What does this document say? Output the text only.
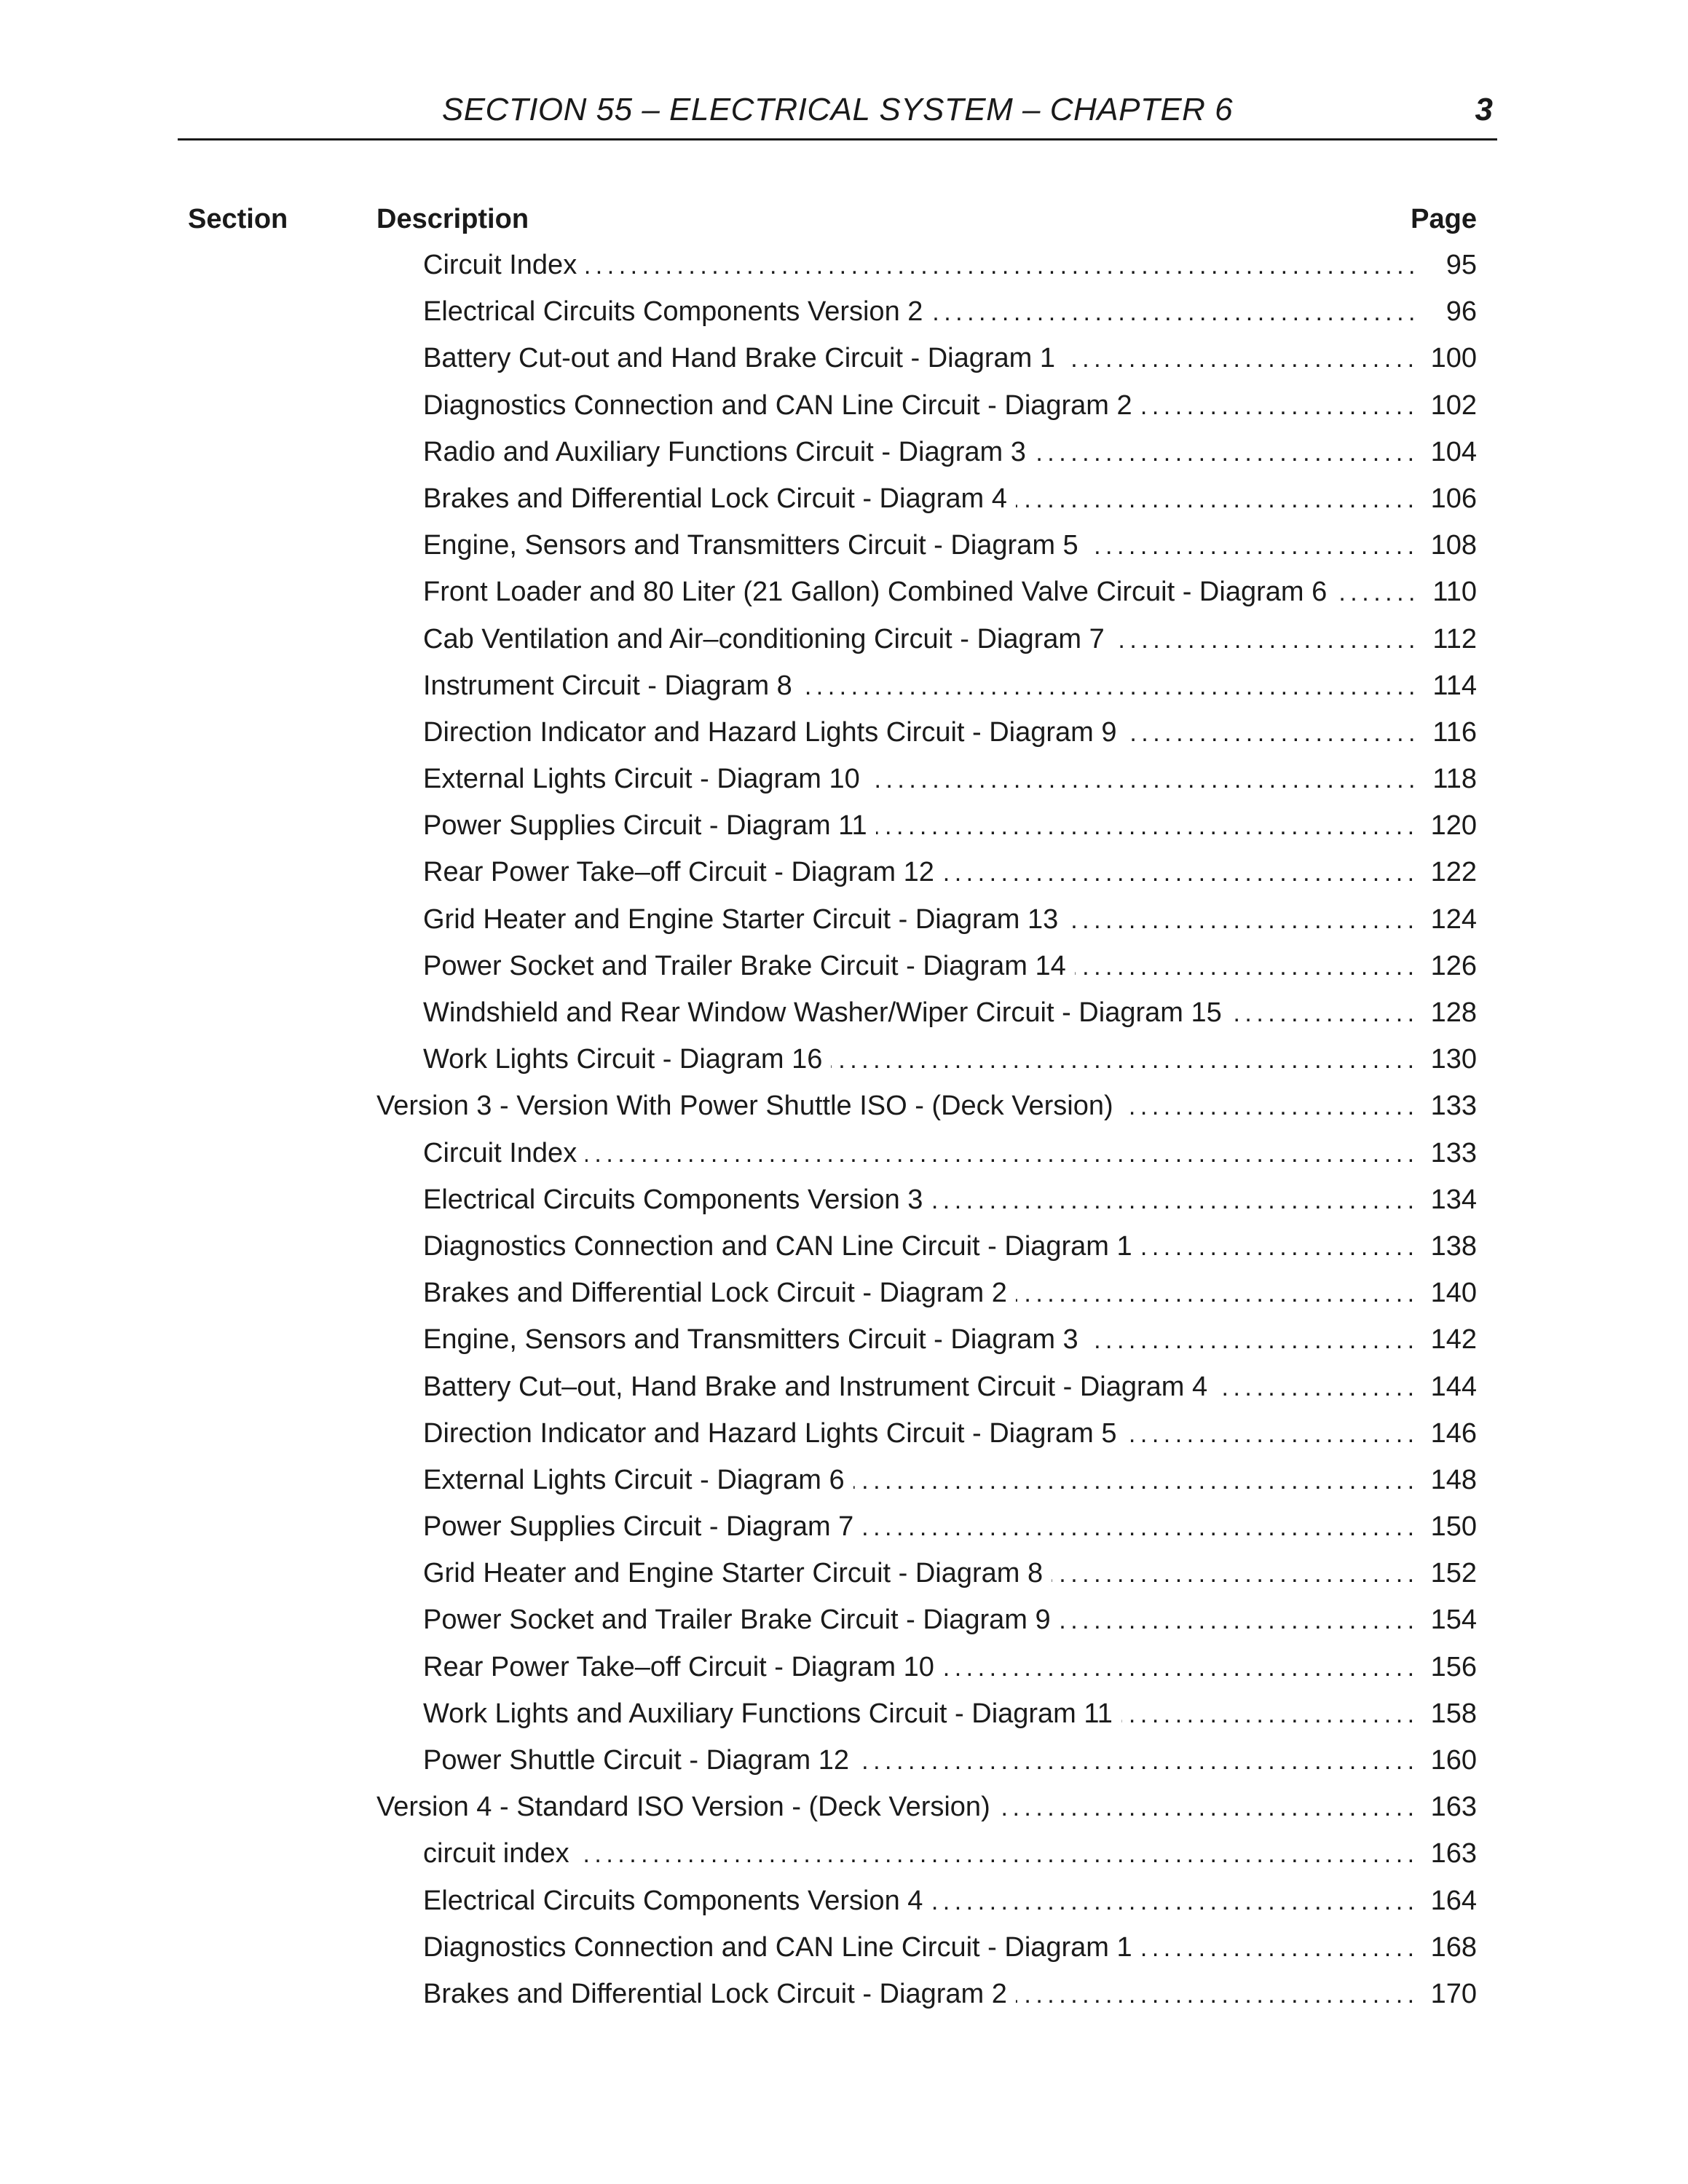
SECTION 55 – ELECTRICAL SYSTEM – CHAPTER 6	3
Section	Description	Page
Circuit Index .....	95
Electrical Circuits Components Version 2 .....	96
Battery Cut-out and Hand Brake Circuit - Diagram 1 .....	100
Diagnostics Connection and CAN Line Circuit - Diagram 2 .....	102
Radio and Auxiliary Functions Circuit - Diagram 3 .....	104
Brakes and Differential Lock Circuit - Diagram 4 .....	106
Engine, Sensors and Transmitters Circuit - Diagram 5 .....	108
Front Loader and 80 Liter (21 Gallon) Combined Valve Circuit - Diagram 6 .....	110
Cab Ventilation and Air–conditioning Circuit - Diagram 7 .....	112
Instrument Circuit - Diagram 8 .....	114
Direction Indicator and Hazard Lights Circuit - Diagram 9 .....	116
External Lights Circuit - Diagram 10 .....	118
Power Supplies Circuit - Diagram 11 .....	120
Rear Power Take–off Circuit - Diagram 12 .....	122
Grid Heater and Engine Starter Circuit - Diagram 13 .....	124
Power Socket and Trailer Brake Circuit - Diagram 14 .....	126
Windshield and Rear Window Washer/Wiper Circuit - Diagram 15 .....	128
Work Lights Circuit - Diagram 16 .....	130
Version 3 - Version With Power Shuttle ISO - (Deck Version) .....	133
Circuit Index .....	133
Electrical Circuits Components Version 3 .....	134
Diagnostics Connection and CAN Line Circuit - Diagram 1 .....	138
Brakes and Differential Lock Circuit - Diagram 2 .....	140
Engine, Sensors and Transmitters Circuit - Diagram 3 .....	142
Battery Cut–out, Hand Brake and Instrument Circuit - Diagram 4 .....	144
Direction Indicator and Hazard Lights Circuit - Diagram 5 .....	146
External Lights Circuit - Diagram 6 .....	148
Power Supplies Circuit - Diagram 7 .....	150
Grid Heater and Engine Starter Circuit - Diagram 8 .....	152
Power Socket and Trailer Brake Circuit - Diagram 9 .....	154
Rear Power Take–off Circuit - Diagram 10 .....	156
Work Lights and Auxiliary Functions Circuit - Diagram 11 .....	158
Power Shuttle Circuit - Diagram 12 .....	160
Version 4 - Standard ISO Version - (Deck Version) .....	163
circuit index .....	163
Electrical Circuits Components Version 4 .....	164
Diagnostics Connection and CAN Line Circuit - Diagram 1 .....	168
Brakes and Differential Lock Circuit - Diagram 2 .....	170
